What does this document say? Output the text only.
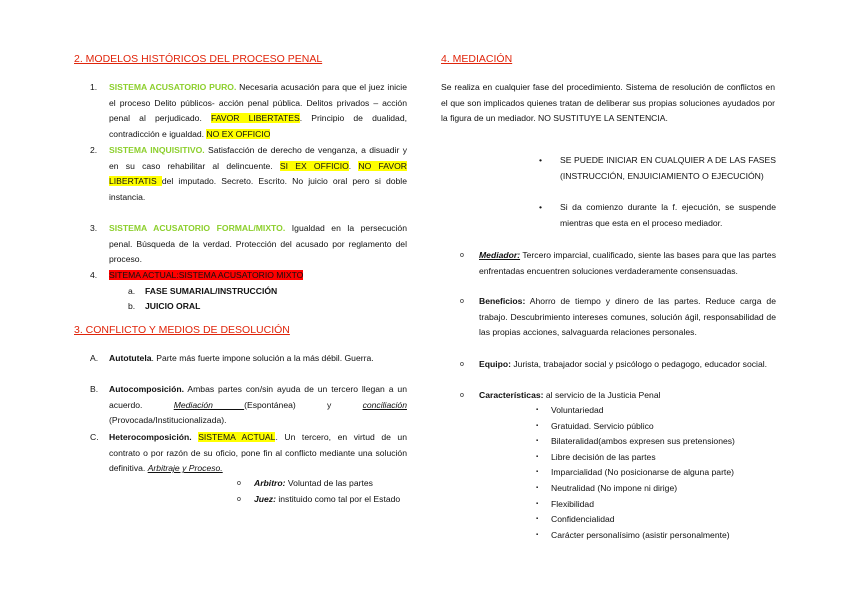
2. MODELOS HISTÓRICOS DEL PROCESO PENAL
1. SISTEMA ACUSATORIO PURO. Necesaria acusación para que el juez inicie el proceso Delito públicos- acción penal pública. Delitos privados – acción penal al perjudicado. FAVOR LIBERTATES. Principio de dualidad, contradicción e igualdad. NO EX OFFICIO
2. SISTEMA INQUISITIVO. Satisfacción de derecho de venganza, a disuadir y en su caso rehabilitar al delincuente. SI EX OFFICIO. NO FAVOR LIBERTATIS del imputado. Secreto. Escrito. No juicio oral pero si doble instancia.
3. SISTEMA ACUSATORIO FORMAL/MIXTO. Igualdad en la persecución penal. Búsqueda de la verdad. Protección del acusado por reglamento del proceso.
4. SITEMA ACTUAL:SISTEMA ACUSATORIO MIXTO
a. FASE SUMARIAL/INSTRUCCIÓN
b. JUICIO ORAL
3. CONFLICTO Y MEDIOS DE DESOLUCIÓN
A. Autotutela. Parte más fuerte impone solución a la más débil. Guerra.
B. Autocomposición. Ambas partes con/sin ayuda de un tercero llegan a un acuerdo. Mediación (Espontánea) y conciliación (Provocada/Institucionalizada).
C. Heterocomposición. SISTEMA ACTUAL. Un tercero, en virtud de un contrato o por razón de su oficio, pone fin al conflicto mediante una solución definitiva. Arbitraje y Proceso.
o Arbitro: Voluntad de las partes
o Juez: instituido como tal por el Estado
4. MEDIACIÓN
Se realiza en cualquier fase del procedimiento. Sistema de resolución de conflictos en el que son implicados quienes tratan de deliberar sus propias soluciones ayudados por la figura de un mediador. NO SUSTITUYE LA SENTENCIA.
• SE PUEDE INICIAR EN CUALQUIER A DE LAS FASES (INSTRUCCIÓN, ENJUICIAMIENTO O EJECUCIÓN)
• Si da comienzo durante la f. ejecución, se suspende mientras que esta en el proceso mediador.
o Mediador: Tercero imparcial, cualificado, siente las bases para que las partes enfrentadas encuentren soluciones verdaderamente consensuadas.
o Beneficios: Ahorro de tiempo y dinero de las partes. Reduce carga de trabajo. Descubrimiento intereses comunes, solución ágil, responsabilidad de las propias acciones, salvaguarda relaciones personales.
o Equipo: Jurista, trabajador social y psicólogo o pedagogo, educador social.
o Características: al servicio de la Justicia Penal
▪ Voluntariedad
▪ Gratuidad. Servicio público
▪ Bilateralidad(ambos expresen sus pretensiones)
▪ Libre decisión de las partes
▪ Imparcialidad (No posicionarse de alguna parte)
▪ Neutralidad (No impone ni dirige)
▪ Flexibilidad
▪ Confidencialidad
▪ Carácter personalísimo (asistir personalmente)
